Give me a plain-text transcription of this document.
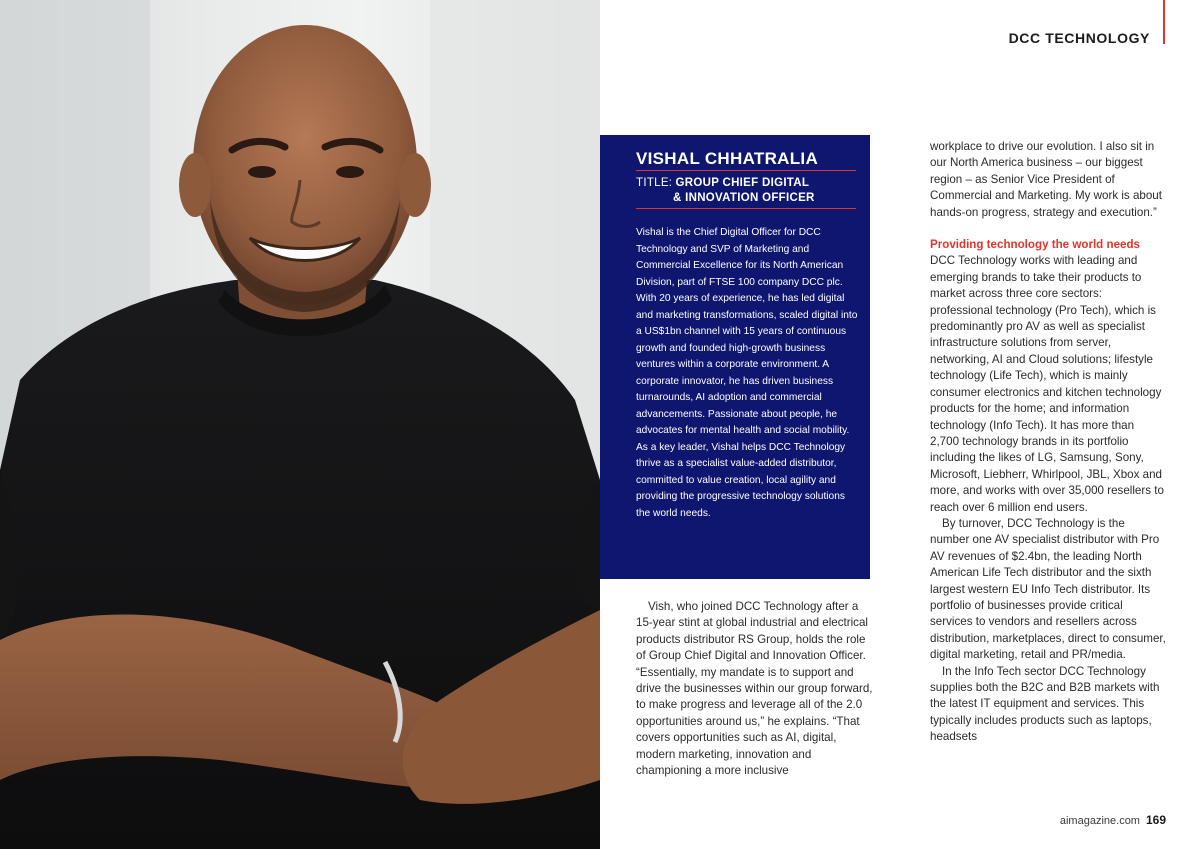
DCC TECHNOLOGY
VISHAL CHHATRALIA
TITLE: GROUP CHIEF DIGITAL
& INNOVATION OFFICER
Vishal is the Chief Digital Officer for DCC Technology and SVP of Marketing and Commercial Excellence for its North American Division, part of FTSE 100 company DCC plc. With 20 years of experience, he has led digital and marketing transformations, scaled digital into a US$1bn channel with 15 years of continuous growth and founded high-growth business ventures within a corporate environment. A corporate innovator, he has driven business turnarounds, AI adoption and commercial advancements. Passionate about people, he advocates for mental health and social mobility. As a key leader, Vishal helps DCC Technology thrive as a specialist value-added distributor, committed to value creation, local agility and providing the progressive technology solutions the world needs.

Vish, who joined DCC Technology after a 15-year stint at global industrial and electrical products distributor RS Group, holds the role of Group Chief Digital and Innovation Officer. “Essentially, my mandate is to support and drive the businesses within our group forward, to make progress and leverage all of the 2.0 opportunities around us,” he explains. “That covers opportunities such as AI, digital, modern marketing, innovation and championing a more inclusive

workplace to drive our evolution. I also sit in our North America business – our biggest region – as Senior Vice President of Commercial and Marketing. My work is about hands-on progress, strategy and execution.”

Providing technology the world needs

DCC Technology works with leading and emerging brands to take their products to market across three core sectors: professional technology (Pro Tech), which is predominantly pro AV as well as specialist infrastructure solutions from server, networking, AI and Cloud solutions; lifestyle technology (Life Tech), which is mainly consumer electronics and kitchen technology products for the home; and information technology (Info Tech). It has more than 2,700 technology brands in its portfolio including the likes of LG, Samsung, Sony, Microsoft, Liebherr, Whirlpool, JBL, Xbox and more, and works with over 35,000 resellers to reach over 6 million end users.

By turnover, DCC Technology is the number one AV specialist distributor with Pro AV revenues of $2.4bn, the leading North American Life Tech distributor and the sixth largest western EU Info Tech distributor. Its portfolio of businesses provide critical services to vendors and resellers across distribution, marketplaces, direct to consumer, digital marketing, retail and PR/media.

In the Info Tech sector DCC Technology supplies both the B2C and B2B markets with the latest IT equipment and services. This typically includes products such as laptops, headsets

aimagazine.com 169
